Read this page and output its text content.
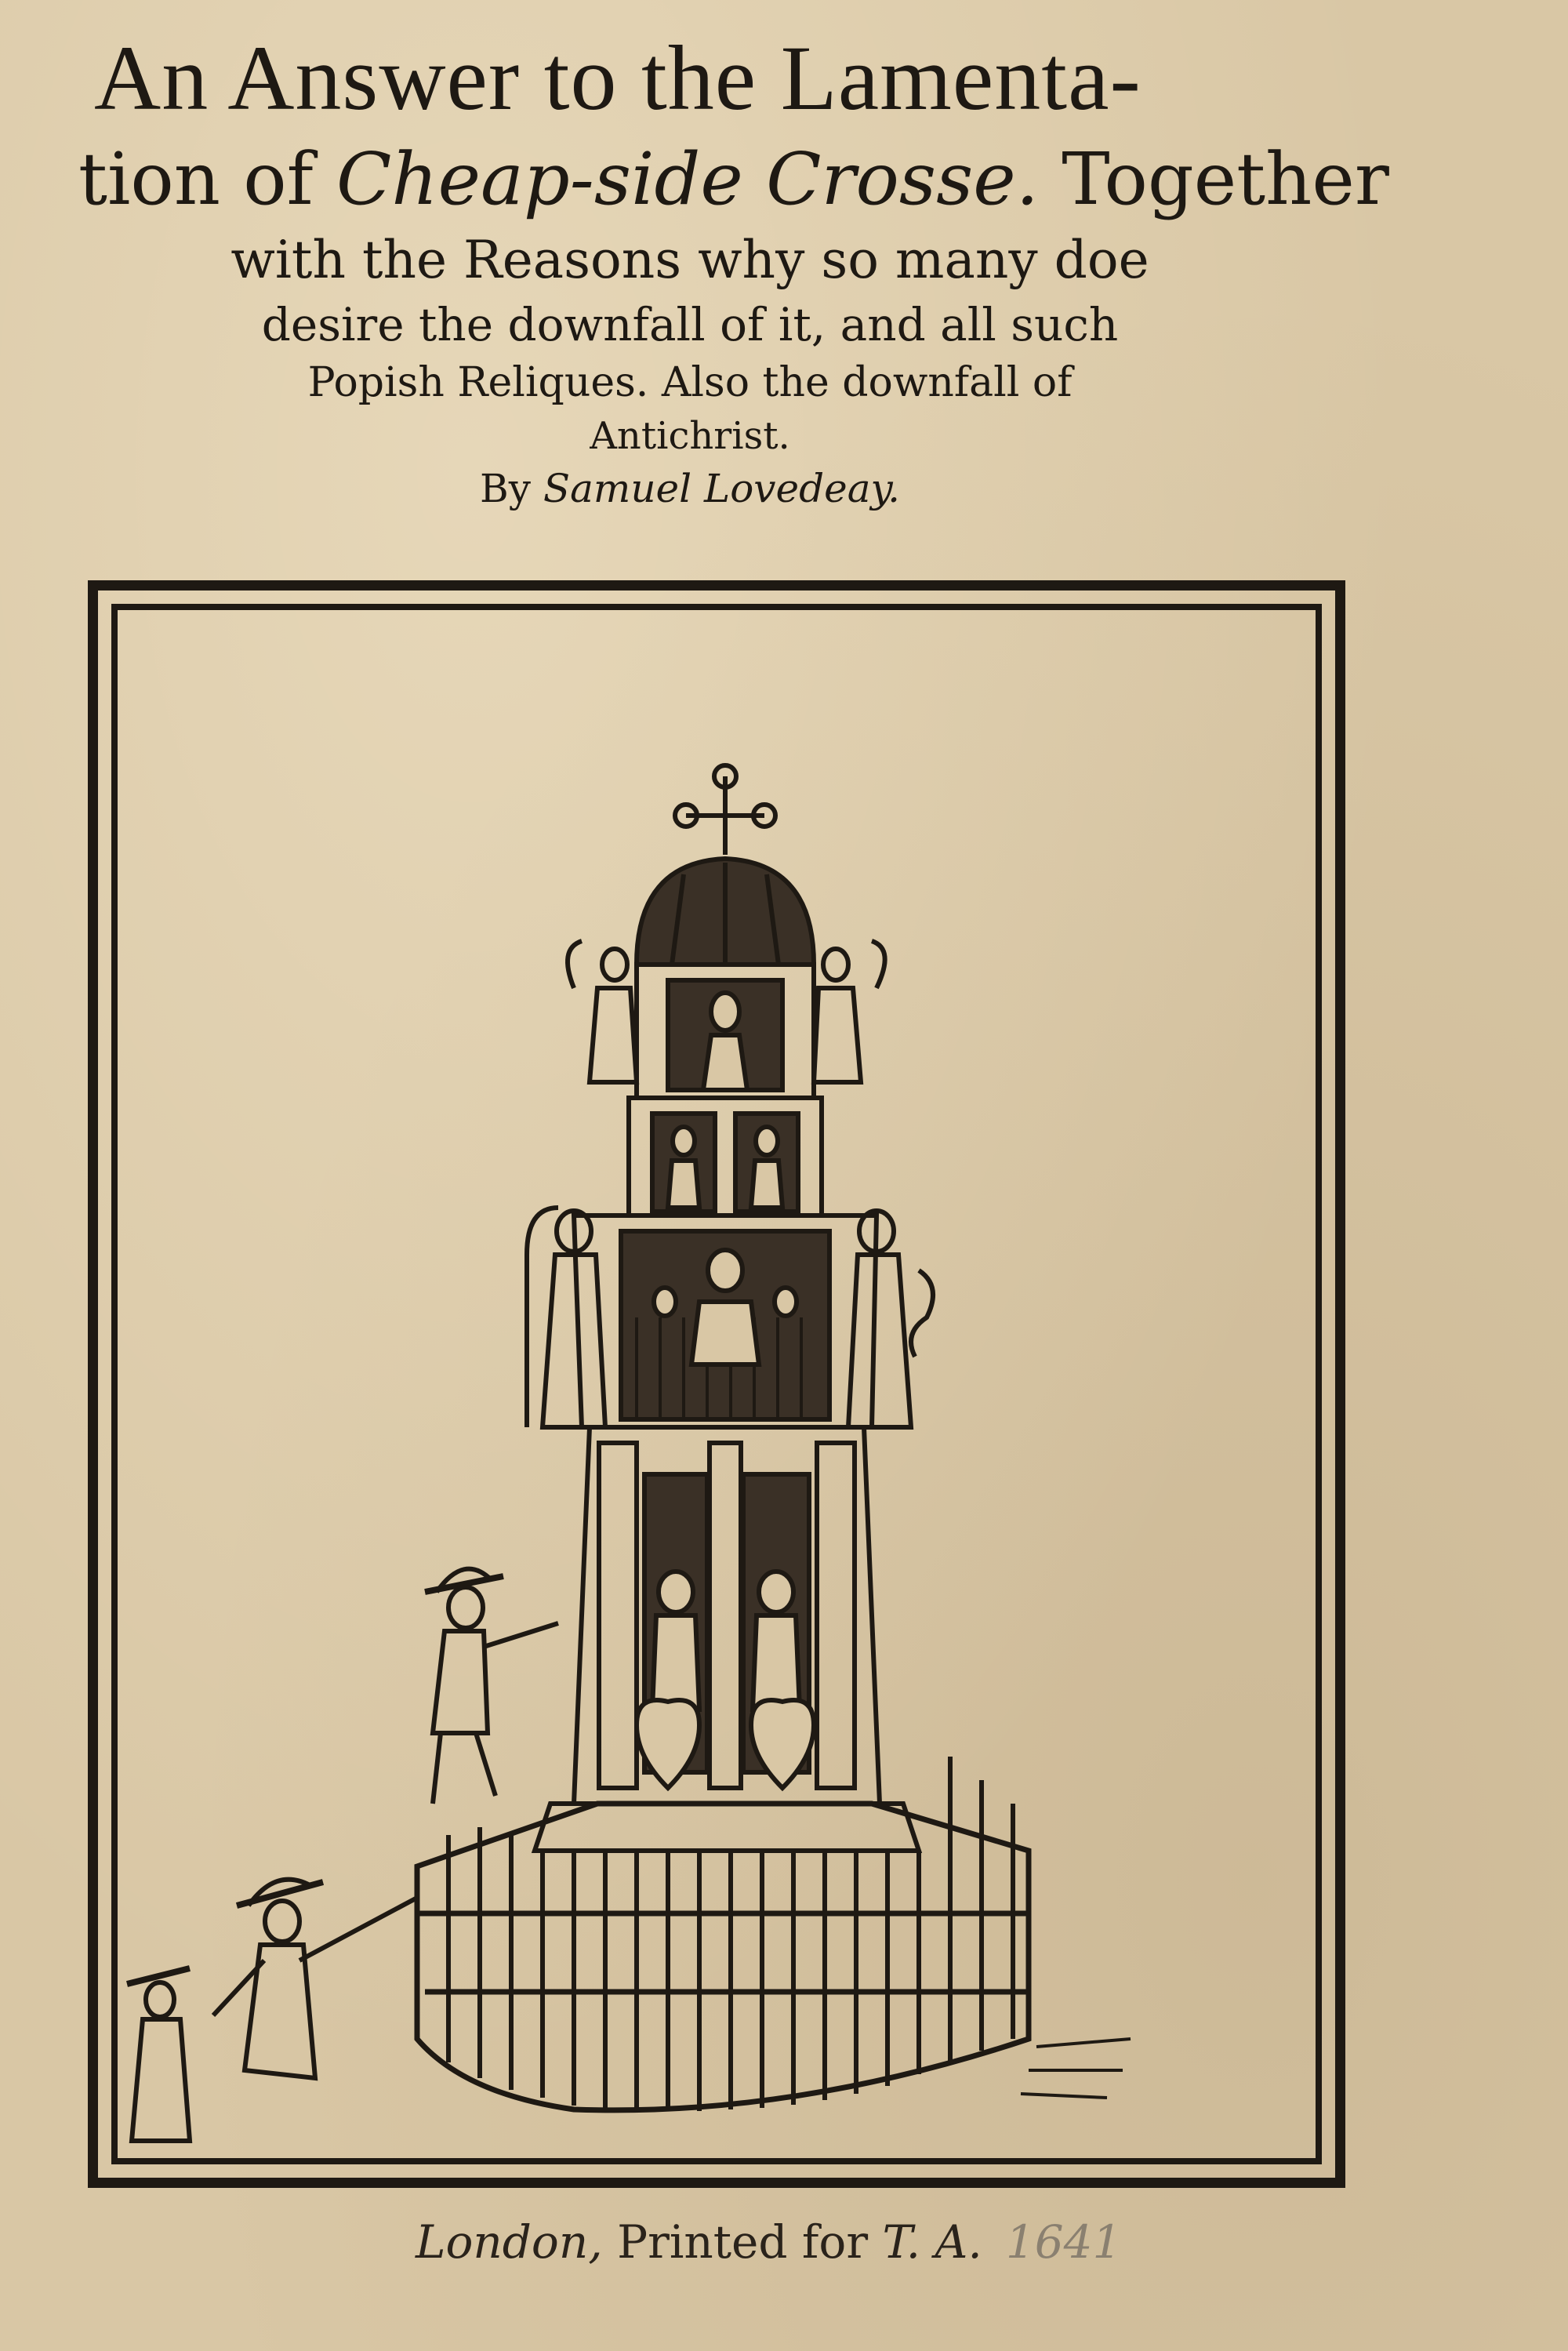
An Answer to the Lamenta-
tion of Cheap-side Crosse. Together
with the Reasons why so many doe
desire the downfall of it, and all such
Popish Reliques. Also the downfall of
Antichrist.
By Samuel Lovedeay.
London, Printed for T. A. 1641
